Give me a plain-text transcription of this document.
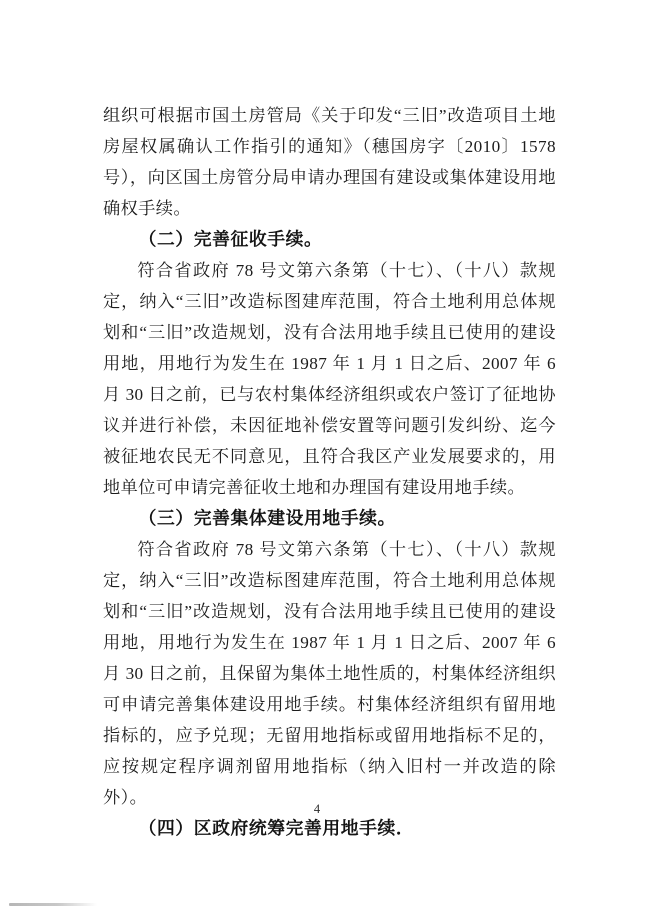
组织可根据市国土房管局《关于印发“三旧”改造项目土地房屋权属确认工作指引的通知》（穗国房字〔2010〕1578 号），向区国土房管分局申请办理国有建设或集体建设用地确权手续。

（二）完善征收手续。

符合省政府 78 号文第六条第（十七）、（十八）款规定，纳入“三旧”改造标图建库范围，符合土地利用总体规划和“三旧”改造规划，没有合法用地手续且已使用的建设用地，用地行为发生在 1987 年 1 月 1 日之后、2007 年 6 月 30 日之前，已与农村集体经济组织或农户签订了征地协议并进行补偿，未因征地补偿安置等问题引发纠纷、迄今被征地农民无不同意见，且符合我区产业发展要求的，用地单位可申请完善征收土地和办理国有建设用地手续。

（三）完善集体建设用地手续。

符合省政府 78 号文第六条第（十七）、（十八）款规定，纳入“三旧”改造标图建库范围，符合土地利用总体规划和“三旧”改造规划，没有合法用地手续且已使用的建设用地，用地行为发生在 1987 年 1 月 1 日之后、2007 年 6 月 30 日之前，且保留为集体土地性质的，村集体经济组织可申请完善集体建设用地手续。村集体经济组织有留用地指标的，应予兑现；无留用地指标或留用地指标不足的，应按规定程序调剂留用地指标（纳入旧村一并改造的除外）。

（四）区政府统筹完善用地手续．

4
